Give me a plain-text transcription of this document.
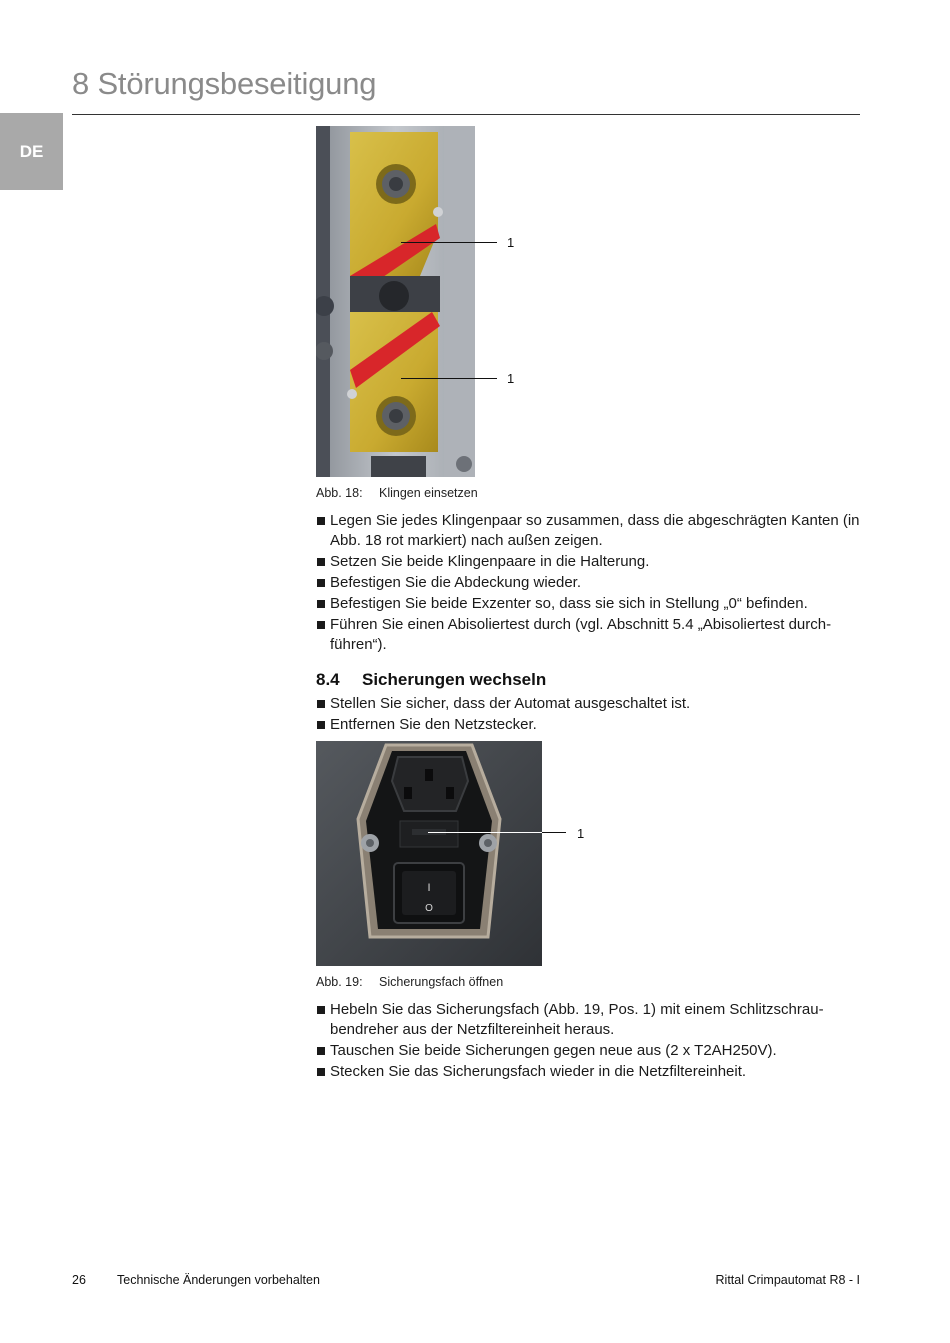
8 Störungsbeseitigung
DE
1
1
Abb. 18: Klingen einsetzen
Legen Sie jedes Klingenpaar so zusammen, dass die abgeschrägten Kanten (in Abb. 18 rot markiert) nach außen zeigen.
Setzen Sie beide Klingenpaare in die Halterung.
Befestigen Sie die Abdeckung wieder.
Befestigen Sie beide Exzenter so, dass sie sich in Stellung „0“ befinden.
Führen Sie einen Abisoliertest durch (vgl. Abschnitt 5.4 „Abisoliertest durch-führen“).
8.4 Sicherungen wechseln
Stellen Sie sicher, dass der Automat ausgeschaltet ist.
Entfernen Sie den Netzstecker.
I
O
1
Abb. 19: Sicherungsfach öffnen
Hebeln Sie das Sicherungsfach (Abb. 19, Pos. 1) mit einem Schlitzschrau-bendreher aus der Netzfiltereinheit heraus.
Tauschen Sie beide Sicherungen gegen neue aus (2 x T2AH250V).
Stecken Sie das Sicherungsfach wieder in die Netzfiltereinheit.
26 Technische Änderungen vorbehalten	Rittal Crimpautomat R8 - I
